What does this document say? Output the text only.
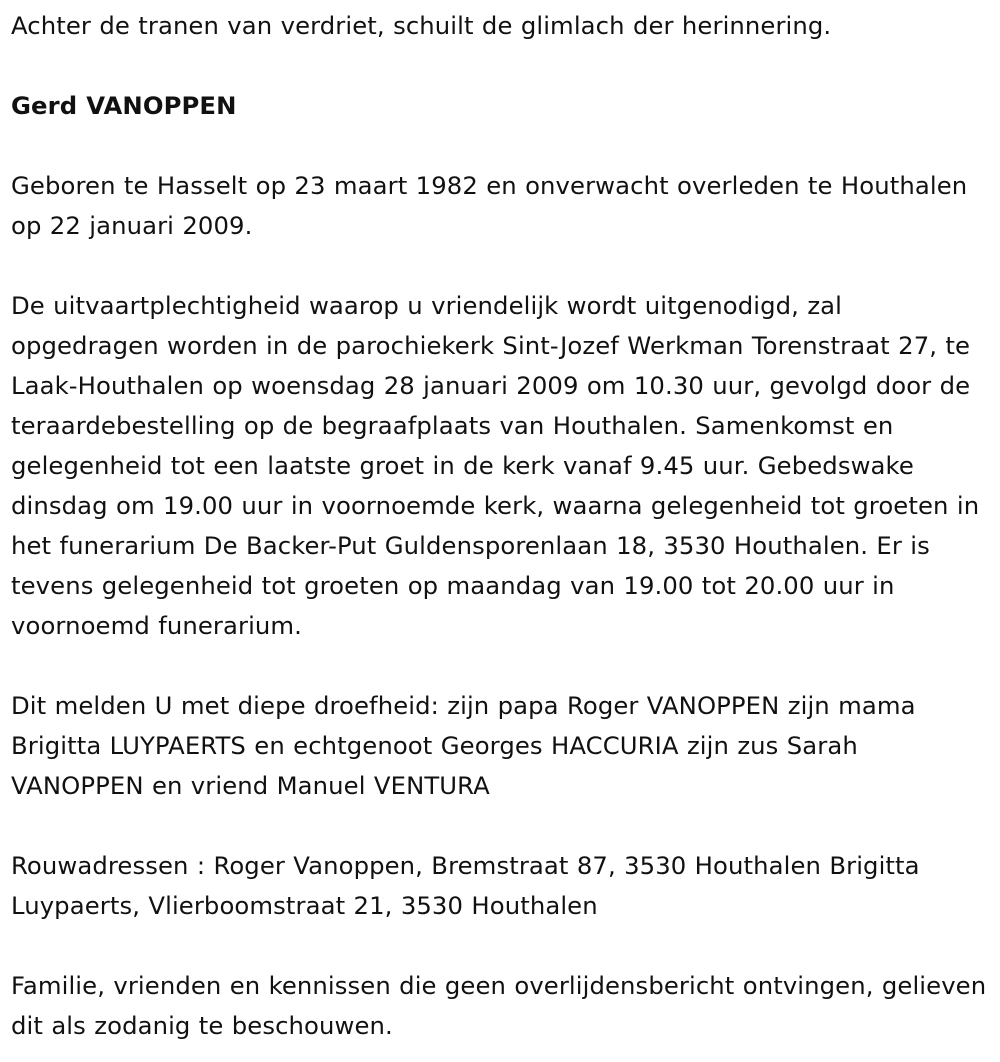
Achter de tranen van verdriet, schuilt de glimlach der herinnering.

Gerd VANOPPEN

Geboren te Hasselt op 23 maart 1982 en onverwacht overleden te Houthalen op 22 januari 2009.

De uitvaartplechtigheid waarop u vriendelijk wordt uitgenodigd, zal opgedragen worden in de parochiekerk Sint-Jozef Werkman Torenstraat 27, te Laak-Houthalen op woensdag 28 januari 2009 om 10.30 uur, gevolgd door de teraardebestelling op de begraafplaats van Houthalen. Samenkomst en gelegenheid tot een laatste groet in de kerk vanaf 9.45 uur. Gebedswake dinsdag om 19.00 uur in voornoemde kerk, waarna gelegenheid tot groeten in het funerarium De Backer-Put Guldensporenlaan 18, 3530 Houthalen. Er is tevens gelegenheid tot groeten op maandag van 19.00 tot 20.00 uur in voornoemd funerarium.

Dit melden U met diepe droefheid: zijn papa Roger VANOPPEN zijn mama Brigitta LUYPAERTS en echtgenoot Georges HACCURIA zijn zus Sarah VANOPPEN en vriend Manuel VENTURA

Rouwadressen : Roger Vanoppen, Bremstraat 87, 3530 Houthalen Brigitta Luypaerts, Vlierboomstraat 21, 3530 Houthalen

Familie, vrienden en kennissen die geen overlijdensbericht ontvingen, gelieven dit als zodanig te beschouwen.
